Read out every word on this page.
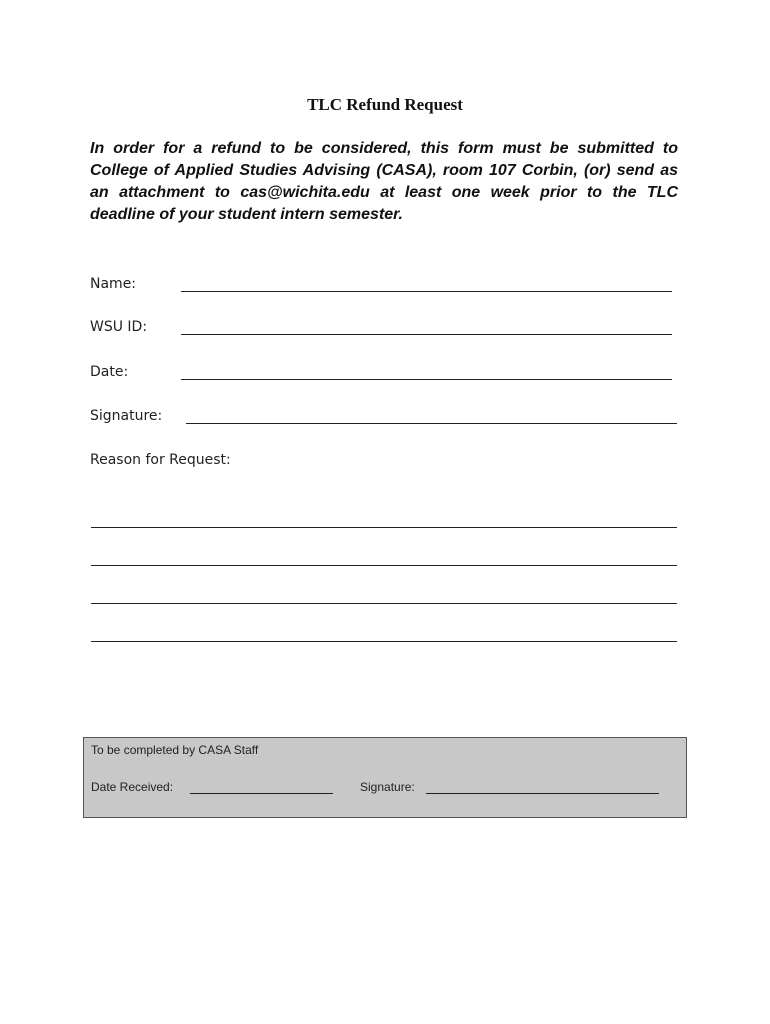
TLC Refund Request
In order for a refund to be considered, this form must be submitted to College of Applied Studies Advising (CASA), room 107 Corbin, (or) send as an attachment to cas@wichita.edu at least one week prior to the TLC deadline of your student intern semester.
Name:
WSU ID:
Date:
Signature:
Reason for Request:
To be completed by CASA Staff
Date Received:	Signature:
